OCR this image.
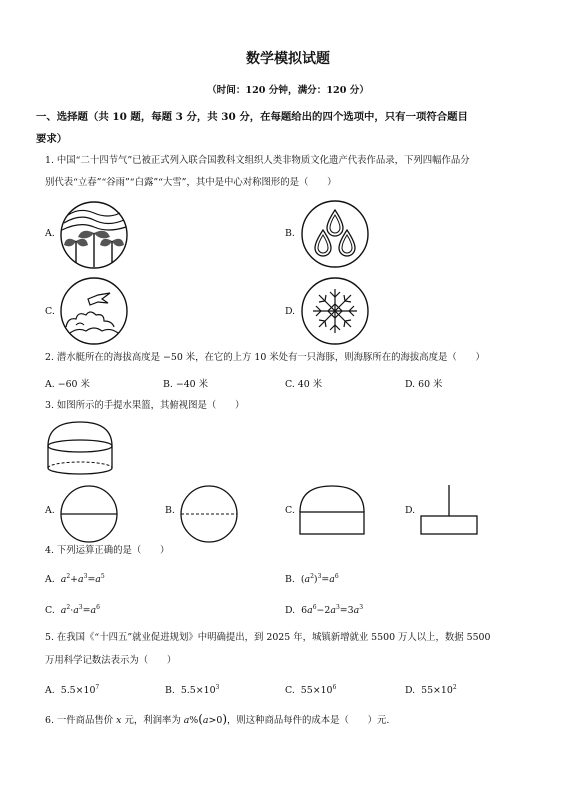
数学模拟试题
（时间：120 分钟，满分：120 分）
一、选择题（共 10 题，每题 3 分，共 30 分，在每题给出的四个选项中，只有一项符合题目
要求）
1. 中国“二十四节气”已被正式列入联合国教科文组织人类非物质文化遗产代表作品录，下列四幅作品分
别代表“立春”“谷雨”“白露”“大雪”，其中是中心对称图形的是（　　）
A.	B.
C.	D.
2. 潜水艇所在的海拔高度是 −50 米，在它的上方 10 米处有一只海豚，则海豚所在的海拔高度是（　　）
A. −60 米	B. −40 米	C. 40 米	D. 60 米
3. 如图所示的手提水果篮，其俯视图是（　　）
A.	B.	C.	D.
4. 下列运算正确的是（　　）
A. $a^2+a^3=a^5$	B.  $(a^2)^3=a^6$
C. $a^2\cdot a^3=a^6$	D.  $6a^6-2a^3=3a^3$
5. 在我国《“十四五”就业促进规划》中明确提出，到 2025 年，城镇新增就业 5500 万人以上，数据 5500
万用科学记数法表示为（　　）
A.  $5.5\times 10^7$	B.  $5.5\times 10^3$	C.  $55\times 10^6$	D.  $55\times 10^2$
6. 一件商品售价 x 元，利润率为 a%(a>0)，则这种商品每件的成本是（　　）元.
